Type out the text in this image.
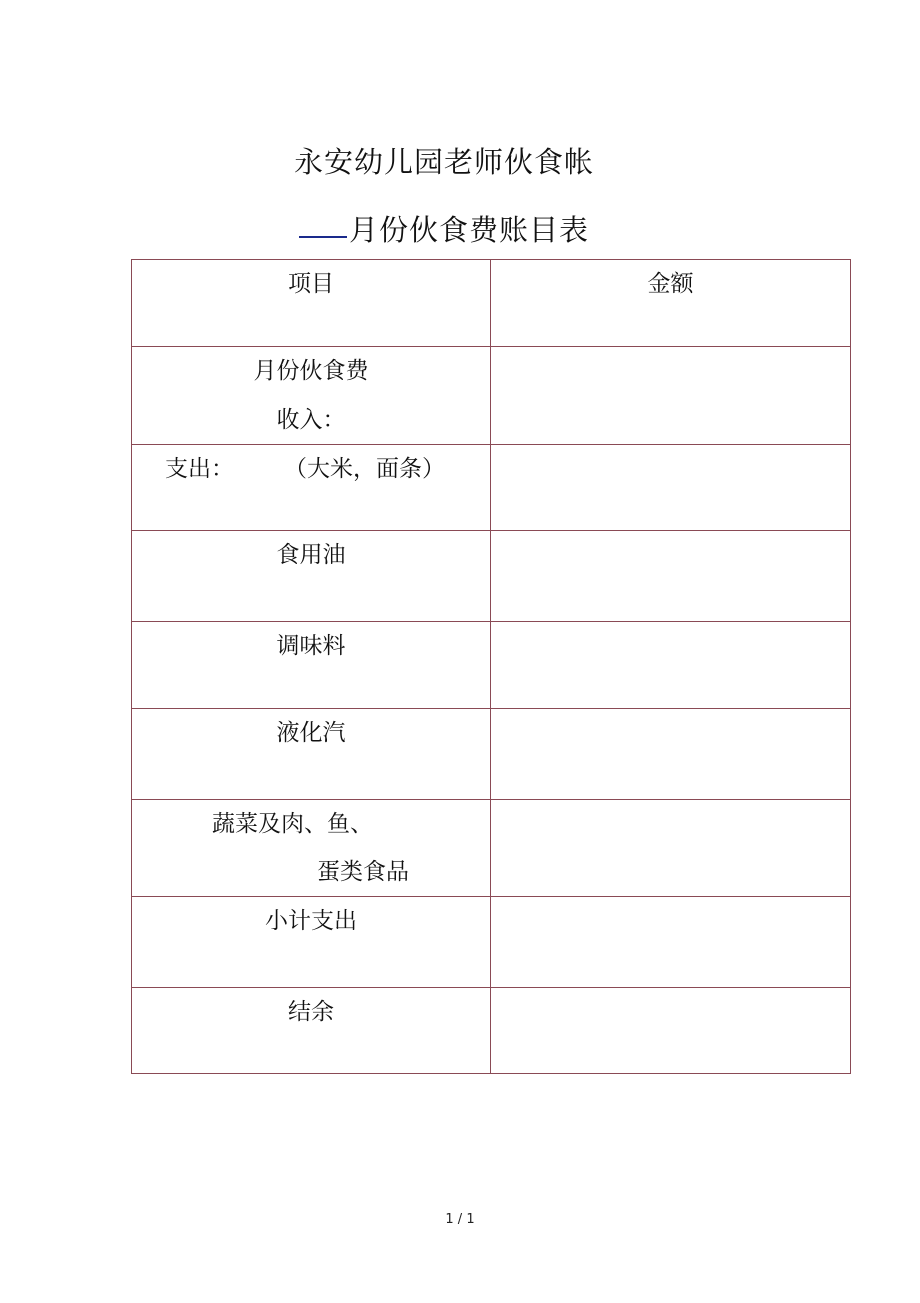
永安幼儿园老师伙食帐
月份伙食费账目表
项目	金额

月份伙食费
收入：	

支出： （大米，面条）	

食用油	

调味料	

液化汽	

蔬菜及肉、鱼、
蛋类食品	

小计支出	

结余	

1 / 1
